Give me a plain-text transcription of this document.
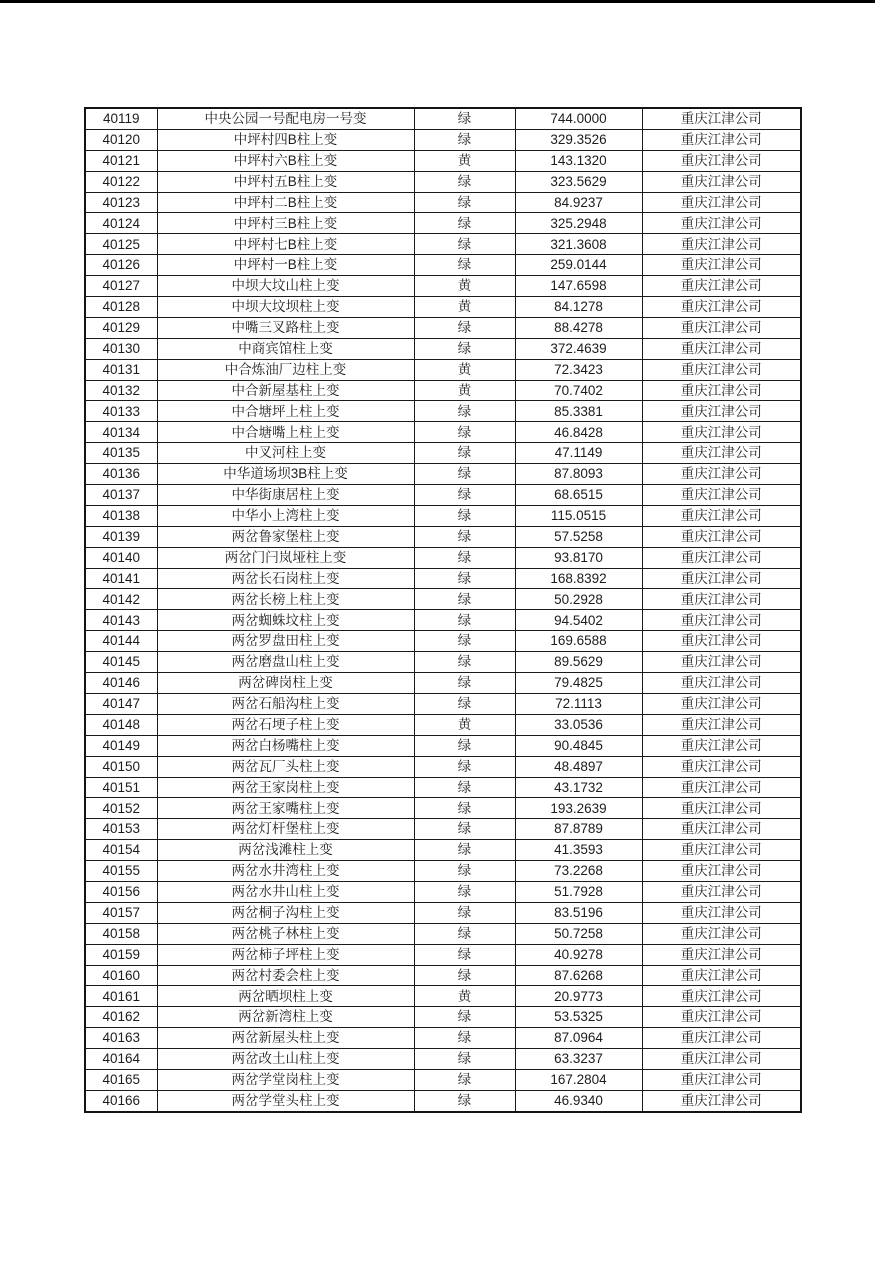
40119	中央公园一号配电房一号变	绿	744.0000	重庆江津公司
40120	中坪村四B柱上变	绿	329.3526	重庆江津公司
40121	中坪村六B柱上变	黄	143.1320	重庆江津公司
40122	中坪村五B柱上变	绿	323.5629	重庆江津公司
40123	中坪村二B柱上变	绿	84.9237	重庆江津公司
40124	中坪村三B柱上变	绿	325.2948	重庆江津公司
40125	中坪村七B柱上变	绿	321.3608	重庆江津公司
40126	中坪村一B柱上变	绿	259.0144	重庆江津公司
40127	中坝大坟山柱上变	黄	147.6598	重庆江津公司
40128	中坝大坟坝柱上变	黄	84.1278	重庆江津公司
40129	中嘴三叉路柱上变	绿	88.4278	重庆江津公司
40130	中商宾馆柱上变	绿	372.4639	重庆江津公司
40131	中合炼油厂边柱上变	黄	72.3423	重庆江津公司
40132	中合新屋基柱上变	黄	70.7402	重庆江津公司
40133	中合塘坪上柱上变	绿	85.3381	重庆江津公司
40134	中合塘嘴上柱上变	绿	46.8428	重庆江津公司
40135	中叉河柱上变	绿	47.1149	重庆江津公司
40136	中华道场坝3B柱上变	绿	87.8093	重庆江津公司
40137	中华街康居柱上变	绿	68.6515	重庆江津公司
40138	中华小上湾柱上变	绿	115.0515	重庆江津公司
40139	两岔鲁家堡柱上变	绿	57.5258	重庆江津公司
40140	两岔门闩岚垭柱上变	绿	93.8170	重庆江津公司
40141	两岔长石岗柱上变	绿	168.8392	重庆江津公司
40142	两岔长榜上柱上变	绿	50.2928	重庆江津公司
40143	两岔蜘蛛坟柱上变	绿	94.5402	重庆江津公司
40144	两岔罗盘田柱上变	绿	169.6588	重庆江津公司
40145	两岔磨盘山柱上变	绿	89.5629	重庆江津公司
40146	两岔碑岗柱上变	绿	79.4825	重庆江津公司
40147	两岔石船沟柱上变	绿	72.1113	重庆江津公司
40148	两岔石埂子柱上变	黄	33.0536	重庆江津公司
40149	两岔白杨嘴柱上变	绿	90.4845	重庆江津公司
40150	两岔瓦厂头柱上变	绿	48.4897	重庆江津公司
40151	两岔王家岗柱上变	绿	43.1732	重庆江津公司
40152	两岔王家嘴柱上变	绿	193.2639	重庆江津公司
40153	两岔灯杆堡柱上变	绿	87.8789	重庆江津公司
40154	两岔浅滩柱上变	绿	41.3593	重庆江津公司
40155	两岔水井湾柱上变	绿	73.2268	重庆江津公司
40156	两岔水井山柱上变	绿	51.7928	重庆江津公司
40157	两岔桐子沟柱上变	绿	83.5196	重庆江津公司
40158	两岔桃子林柱上变	绿	50.7258	重庆江津公司
40159	两岔柿子坪柱上变	绿	40.9278	重庆江津公司
40160	两岔村委会柱上变	绿	87.6268	重庆江津公司
40161	两岔晒坝柱上变	黄	20.9773	重庆江津公司
40162	两岔新湾柱上变	绿	53.5325	重庆江津公司
40163	两岔新屋头柱上变	绿	87.0964	重庆江津公司
40164	两岔改土山柱上变	绿	63.3237	重庆江津公司
40165	两岔学堂岗柱上变	绿	167.2804	重庆江津公司
40166	两岔学堂头柱上变	绿	46.9340	重庆江津公司
